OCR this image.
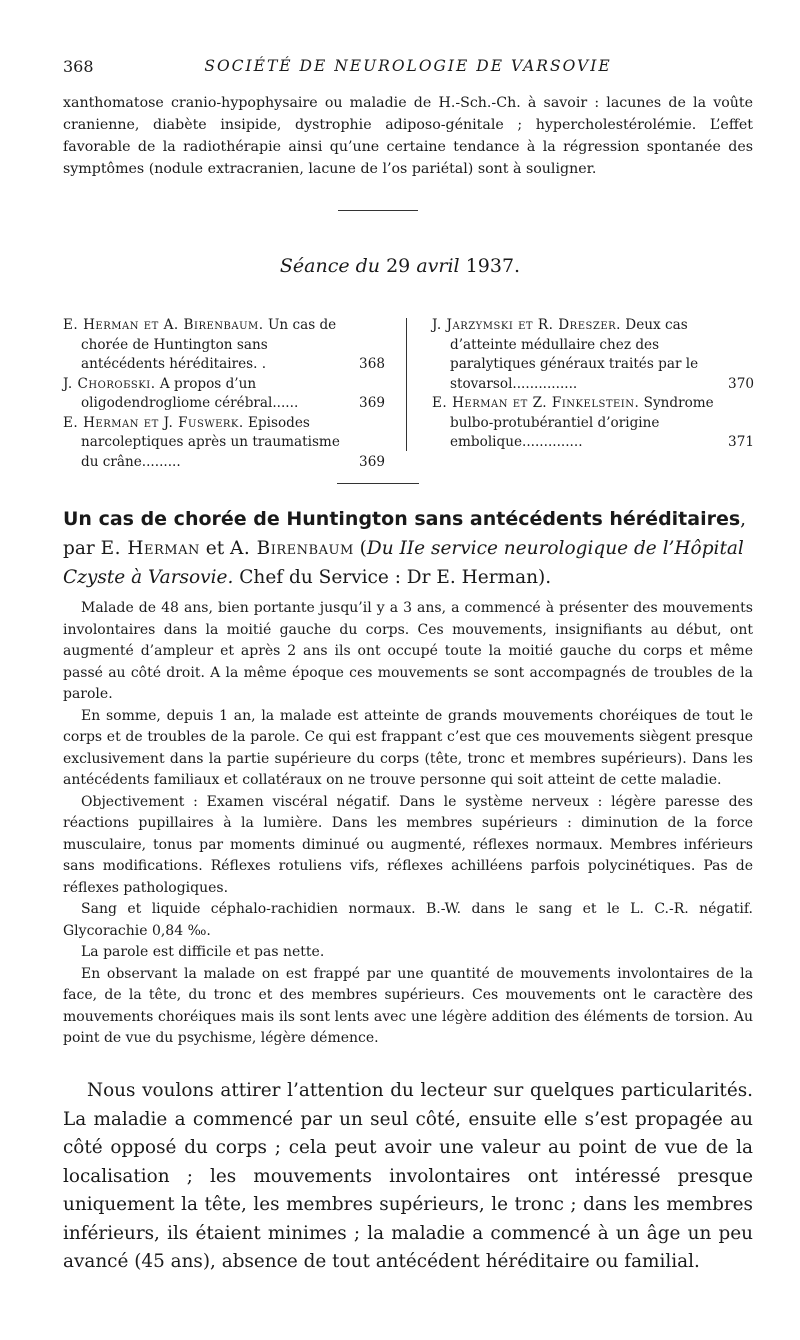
368	SOCIÉTÉ DE NEUROLOGIE DE VARSOVIE

xanthomatose cranio-hypophysaire ou maladie de H.-Sch.-Ch. à savoir : lacunes de la voûte cranienne, diabète insipide, dystrophie adiposo-génitale ; hypercholestérolémie. L’effet favorable de la radiothérapie ainsi qu’une certaine tendance à la régression spontanée des symptômes (nodule extracranien, lacune de l’os pariétal) sont à souligner.

Séance du 29 avril 1937.

E. Herman et A. Birenbaum. Un cas de chorée de Huntington sans antécédents héréditaires. .	368

J. Choroбski. A propos d’un oligodendrogliome cérébral......	369

E. Herman et J. Fuswerk. Episodes narcoleptiques après un traumatisme du crâne.........	369

J. Jarzymski et R. Dreszer. Deux cas d’atteinte médullaire chez des paralytiques généraux traités par le stovarsol...............	370

E. Herman et Z. Finkelstein. Syndrome bulbo-protubérantiel d’origine embolique..............	371

Un cas de chorée de Huntington sans antécédents héréditaires, par E. Herman et A. Birenbaum (Du IIe service neurologique de l’Hôpital Czyste à Varsovie. Chef du Service : Dr E. Herman).

Malade de 48 ans, bien portante jusqu’il y a 3 ans, a commencé à présenter des mouvements involontaires dans la moitié gauche du corps. Ces mouvements, insignifiants au début, ont augmenté d’ampleur et après 2 ans ils ont occupé toute la moitié gauche du corps et même passé au côté droit. A la même époque ces mouvements se sont accompagnés de troubles de la parole.

En somme, depuis 1 an, la malade est atteinte de grands mouvements choréiques de tout le corps et de troubles de la parole. Ce qui est frappant c’est que ces mouvements siègent presque exclusivement dans la partie supérieure du corps (tête, tronc et membres supérieurs). Dans les antécédents familiaux et collatéraux on ne trouve personne qui soit atteint de cette maladie.

Objectivement : Examen viscéral négatif. Dans le système nerveux : légère paresse des réactions pupillaires à la lumière. Dans les membres supérieurs : diminution de la force musculaire, tonus par moments diminué ou augmenté, réflexes normaux. Membres inférieurs sans modifications. Réflexes rotuliens vifs, réflexes achilléens parfois polycinétiques. Pas de réflexes pathologiques.

Sang et liquide céphalo-rachidien normaux. B.-W. dans le sang et le L. C.-R. négatif. Glycorachie 0,84 ‰.

La parole est difficile et pas nette.

En observant la malade on est frappé par une quantité de mouvements involontaires de la face, de la tête, du tronc et des membres supérieurs. Ces mouvements ont le caractère des mouvements choréiques mais ils sont lents avec une légère addition des éléments de torsion. Au point de vue du psychisme, légère démence.

Nous voulons attirer l’attention du lecteur sur quelques particularités. La maladie a commencé par un seul côté, ensuite elle s’est propagée au côté opposé du corps ; cela peut avoir une valeur au point de vue de la localisation ; les mouvements involontaires ont intéressé presque uniquement la tête, les membres supérieurs, le tronc ; dans les membres inférieurs, ils étaient minimes ; la maladie a commencé à un âge un peu avancé (45 ans), absence de tout antécédent héréditaire ou familial.
